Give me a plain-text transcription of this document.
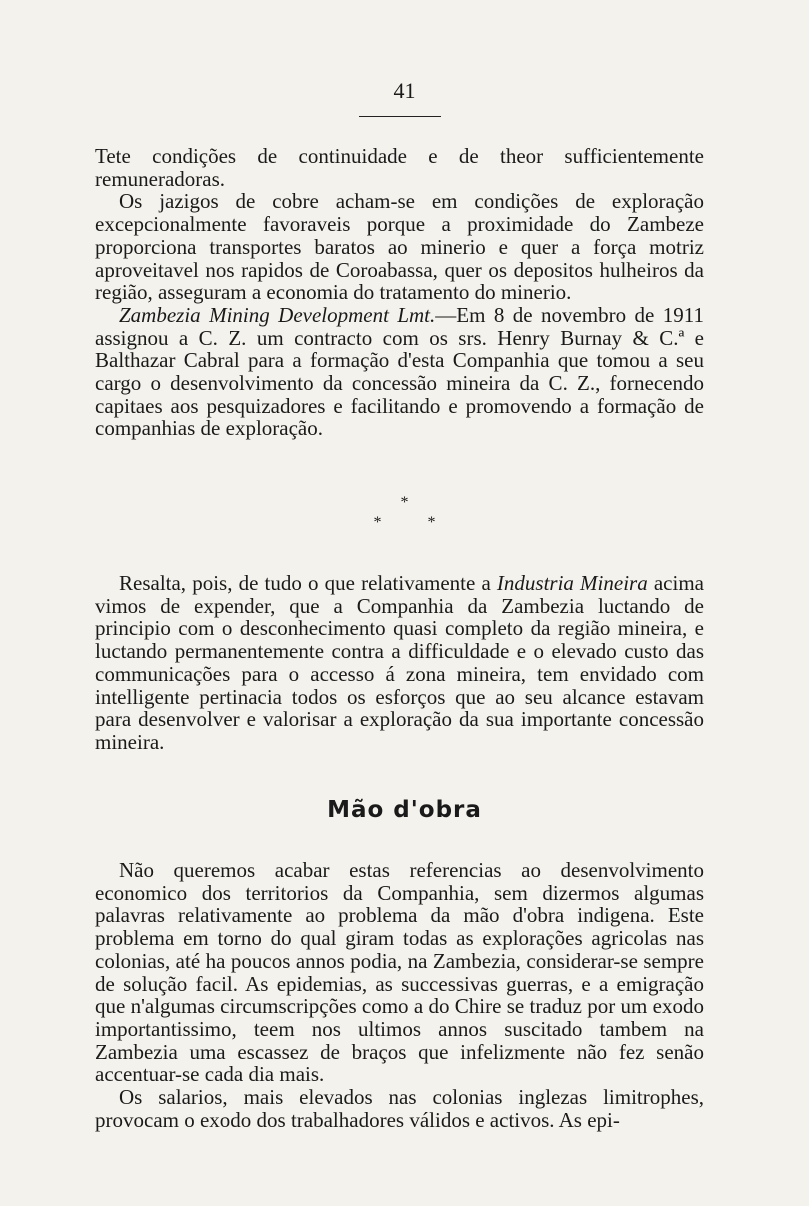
41

Tete condições de continuidade e de theor sufficientemente remuneradoras.

Os jazigos de cobre acham-se em condições de exploração excepcionalmente favoraveis porque a proximidade do Zambeze proporciona transportes baratos ao minerio e quer a força motriz aproveitavel nos rapidos de Coroabassa, quer os depositos hulheiros da região, asseguram a economia do tratamento do minerio.

Zambezia Mining Development Lmt.—Em 8 de novembro de 1911 assignou a C. Z. um contracto com os srs. Henry Burnay & C.ª e Balthazar Cabral para a formação d'esta Companhia que tomou a seu cargo o desenvolvimento da concessão mineira da C. Z., fornecendo capitaes aos pesquizadores e facilitando e promovendo a formação de companhias de exploração.

*
*	*

Resalta, pois, de tudo o que relativamente a Industria Mineira acima vimos de expender, que a Companhia da Zambezia luctando de principio com o desconhecimento quasi completo da região mineira, e luctando permanentemente contra a difficuldade e o elevado custo das communicações para o accesso á zona mineira, tem envidado com intelligente pertinacia todos os esforços que ao seu alcance estavam para desenvolver e valorisar a exploração da sua importante concessão mineira.

Mão d'obra

Não queremos acabar estas referencias ao desenvolvimento economico dos territorios da Companhia, sem dizermos algumas palavras relativamente ao problema da mão d'obra indigena. Este problema em torno do qual giram todas as explorações agricolas nas colonias, até ha poucos annos podia, na Zambezia, considerar-se sempre de solução facil. As epidemias, as successivas guerras, e a emigração que n'algumas circumscripções como a do Chire se traduz por um exodo importantissimo, teem nos ultimos annos suscitado tambem na Zambezia uma escassez de braços que infelizmente não fez senão accentuar-se cada dia mais.

Os salarios, mais elevados nas colonias inglezas limitrophes, provocam o exodo dos trabalhadores válidos e activos. As epi-
